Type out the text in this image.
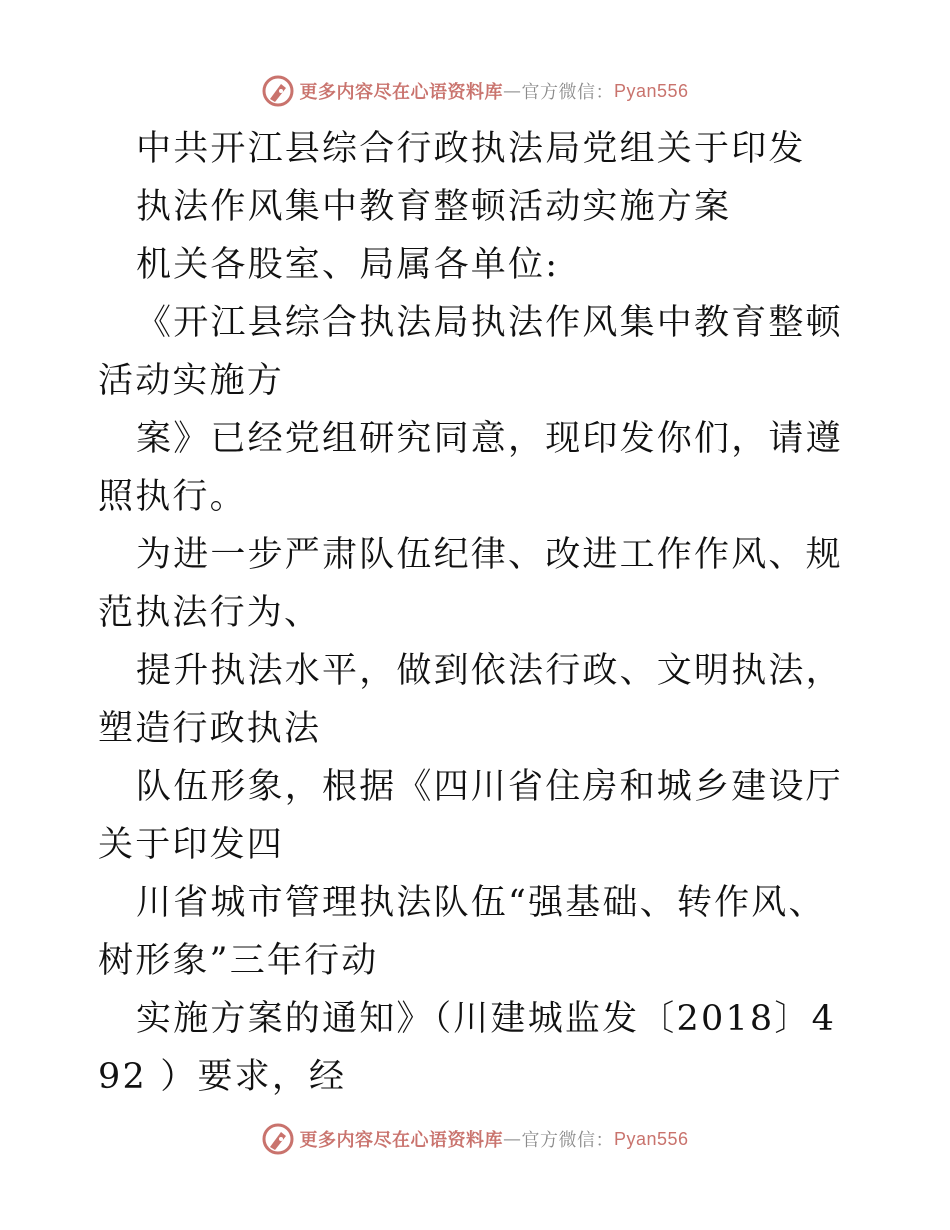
更多内容尽在心语资料库 — 官方微信： Pyan556
中共开江县综合行政执法局党组关于印发
执法作风集中教育整顿活动实施方案
机关各股室、局属各单位:
《开江县综合执法局执法作风集中教育整顿活动实施方
案》已经党组研究同意，现印发你们，请遵照执行。
为进一步严肃队伍纪律、改进工作作风、规范执法行为、
提升执法水平，做到依法行政、文明执法，塑造行政执法
队伍形象，根据《四川省住房和城乡建设厅关于印发四
川省城市管理执法队伍“强基础、转作风、树形象”三年行动
实施方案的通知》（川建城监发〔2018〕492 ）要求，经
更多内容尽在心语资料库 — 官方微信： Pyan556
